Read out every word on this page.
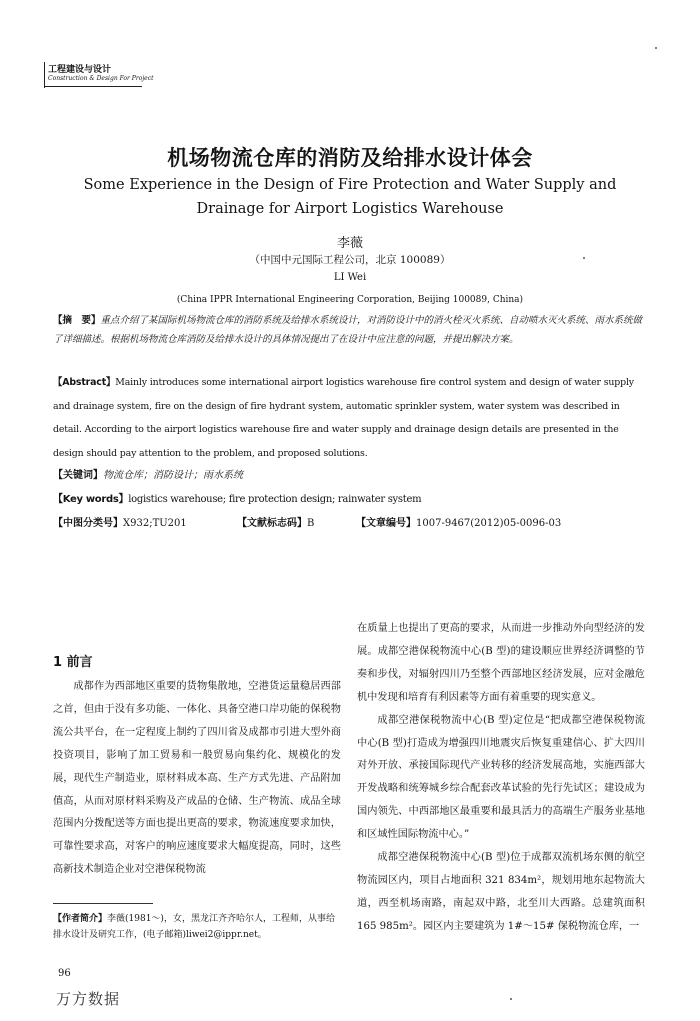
工程建设与设计
Construction & Design For Project
机场物流仓库的消防及给排水设计体会
Some Experience in the Design of Fire Protection and Water Supply and Drainage for Airport Logistics Warehouse
李薇
（中国中元国际工程公司，北京 100089）
LI Wei
(China IPPR International Engineering Corporation, Beijing 100089, China)
【摘　要】重点介绍了某国际机场物流仓库的消防系统及给排水系统设计，对消防设计中的消火栓灭火系统、自动喷水灭火系统、雨水系统做了详细描述。根据机场物流仓库消防及给排水设计的具体情况提出了在设计中应注意的问题，并提出解决方案。
【Abstract】Mainly introduces some international airport logistics warehouse fire control system and design of water supply and drainage system, fire on the design of fire hydrant system, automatic sprinkler system, water system was described in detail. According to the airport logistics warehouse fire and water supply and drainage design details are presented in the design should pay attention to the problem, and proposed solutions.
【关键词】物流仓库；消防设计；雨水系统
【Key words】logistics warehouse; fire protection design; rainwater system
【中图分类号】X932;TU201	【文献标志码】B	【文章编号】1007-9467(2012)05-0096-03
1 前言

成都作为西部地区重要的货物集散地，空港货运量稳居西部之首，但由于没有多功能、一体化、具备空港口岸功能的保税物流公共平台，在一定程度上制约了四川省及成都市引进大型外商投资项目，影响了加工贸易和一般贸易向集约化、规模化的发展，现代生产制造业，原材料成本高、生产方式先进、产品附加值高，从而对原材料采购及产成品的仓储、生产物流、成品全球范围内分拨配送等方面也提出更高的要求，物流速度要求加快，可靠性要求高，对客户的响应速度要求大幅度提高，同时，这些高新技术制造企业对空港保税物流

在质量上也提出了更高的要求，从而进一步推动外向型经济的发展。成都空港保税物流中心(B 型)的建设顺应世界经济调整的节奏和步伐，对辐射四川乃至整个西部地区经济发展，应对金融危机中发现和培育有利因素等方面有着重要的现实意义。

成都空港保税物流中心(B 型)定位是“把成都空港保税物流中心(B 型)打造成为增强四川地震灾后恢复重建信心、扩大四川对外开放、承接国际现代产业转移的经济发展高地，实施西部大开发战略和统筹城乡综合配套改革试验的先行先试区；建设成为国内领先、中西部地区最重要和最具活力的高端生产服务业基地和区域性国际物流中心。”

成都空港保税物流中心(B 型)位于成都双流机场东侧的航空物流园区内，项目占地面积 321 834m²，规划用地东起物流大道，西至机场南路，南起双中路，北至川大西路。总建筑面积 165 985m²。园区内主要建筑为 1#～15# 保税物流仓库，一

【作者简介】李薇(1981～)，女，黑龙江齐齐哈尔人，工程师，从事给排水设计及研究工作，(电子邮箱)liwei2@ippr.net。
96
万方数据
